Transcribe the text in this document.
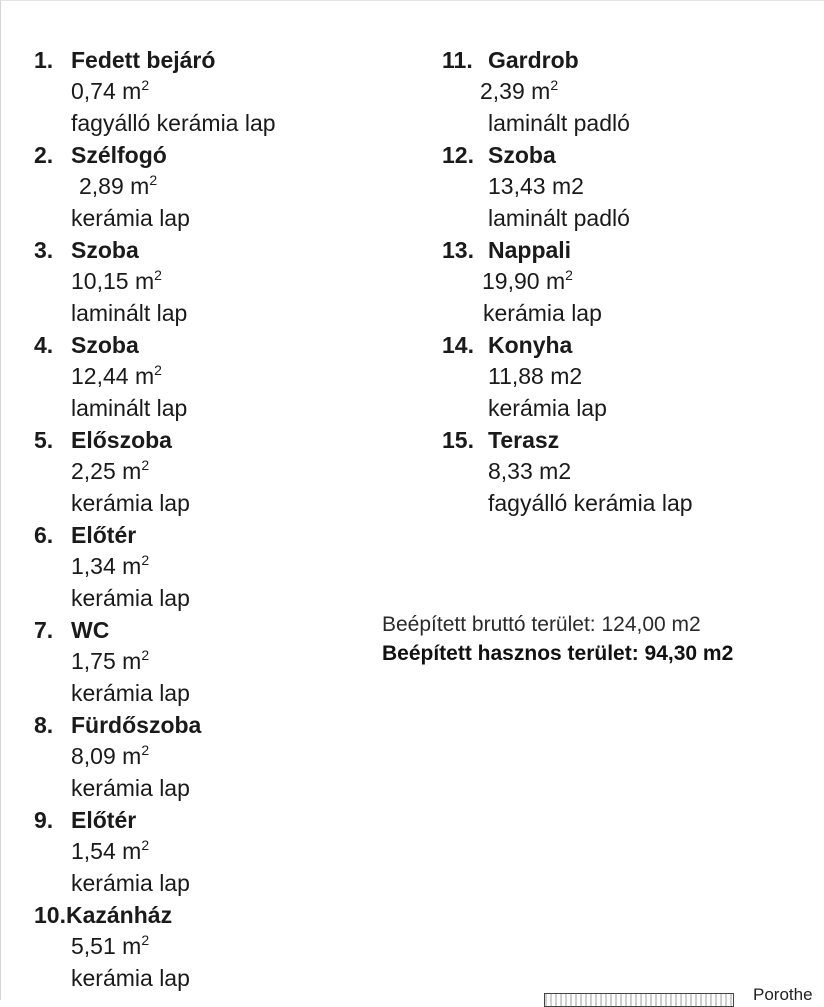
1. Fedett bejáró
0,74 $m^2$
fagyálló kerámia lap
2. Szélfogó
2,89 $m^2$
kerámia lap
3. Szoba
10,15 $m^2$
laminált lap
4. Szoba
12,44 $m^2$
laminált lap
5. Előszoba
2,25 $m^2$
kerámia lap
6. Előtér
1,34 $m^2$
kerámia lap
7. WC
1,75 $m^2$
kerámia lap
8. Fürdőszoba
8,09 $m^2$
kerámia lap
9. Előtér
1,54 $m^2$
kerámia lap
10.Kazánház
5,51 $m^2$
kerámia lap
11. Gardrob
2,39 $m^2$
laminált padló
12. Szoba
13,43 m2
laminált padló
13. Nappali
19,90 $m^2$
kerámia lap
14. Konyha
11,88 m2
kerámia lap
15. Terasz
8,33 m2
fagyálló kerámia lap
Beépített bruttó terület: 124,00 m2
Beépített hasznos terület: 94,30 m2
Porothe
